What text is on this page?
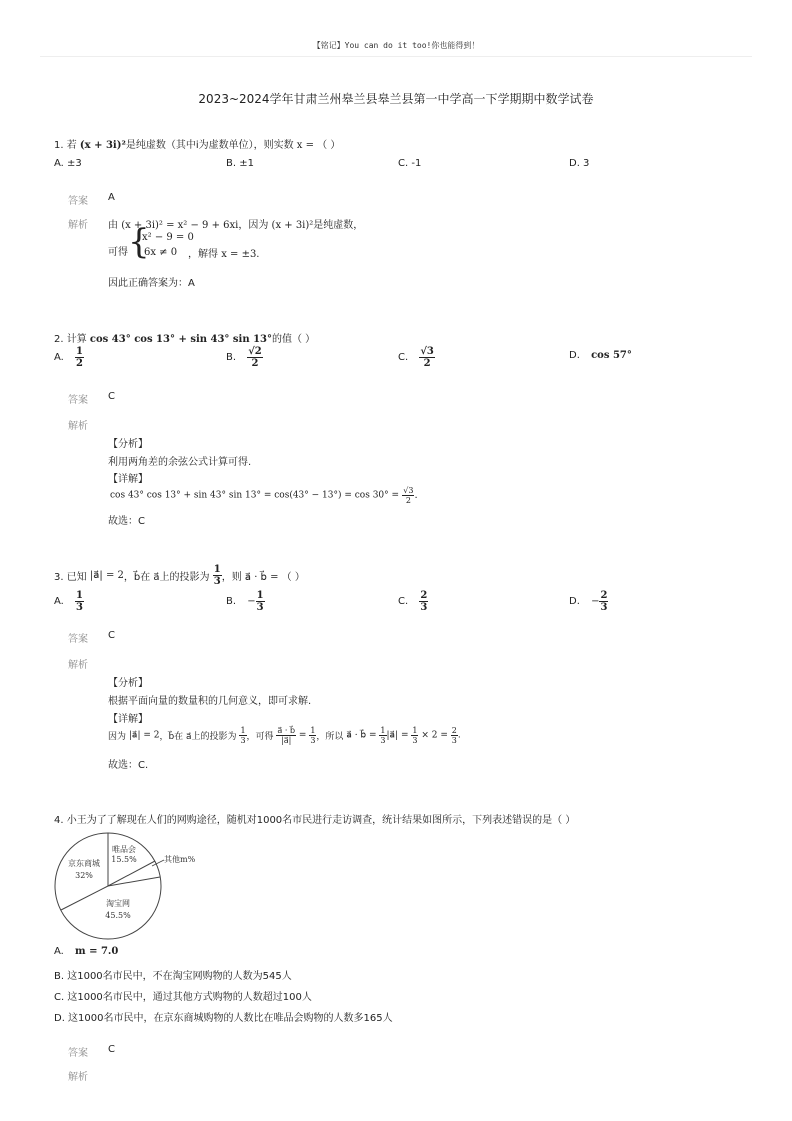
【铭记】You can do it too!你也能得到！
2023~2024学年甘肃兰州皋兰县皋兰县第一中学高一下学期期中数学试卷
1. 若 (x + 3i)²是纯虚数（其中i为虚数单位），则实数 x = （ ）
A. ±3	B. ±1	C. -1	D. 3
答案 A
解析 由 (x + 3i)² = x² − 9 + 6xi，因为 (x + 3i)²是纯虚数，
可得 {
x² − 9 = 0
6x ≠ 0 ，解得 x = ±3.
因此正确答案为：A
2. 计算 cos 43° cos 13° + sin 43° sin 13°的值（ ）
A. $\frac{1}{2}$	B. $\frac{√2}{2}$	C. $\frac{√3}{2}$	D. cos 57°
答案 C
解析
【分析】
利用两角差的余弦公式计算可得.
【详解】
cos 43° cos 13° + sin 43° $\sin 13^\circ = \cos(43^\circ - 13^\circ) = \cos 30^\circ = \frac{√3}{2}$ .
故选：C
3. 已知 |a⃗| = 2，b⃗在 a⃗上的投影为 $\frac{1}{3}$ ，则 a⃗ · b⃗ = （ ）
A. $\frac{1}{3}$	B. − $\frac{1}{3}$	C. $\frac{2}{3}$	D. − $\frac{2}{3}$
答案 C
解析
【分析】
根据平面向量的数量积的几何意义，即可求解.
【详解】
因为 |a⃗| = 2，b⃗在 a⃗上的投影为 $\frac{1}{3}$ ，可得 $\frac{a⃗ \cdot b⃗}{|a⃗|} = \frac{1}{3}$ ，所以 a⃗ · b⃗ = $\frac{1}{3}$ |a⃗| = $\frac{1}{3} \times 2 = \frac{2}{3}$ .
故选：C.
4. 小王为了了解现在人们的网购途径，随机对1000名市民进行走访调查，统计结果如图所示，下列表述错误的是（ ）
京东商城
32%
唯品会
15.5%	其他m%
淘宝网
45.5%
A. m = 7.0
B. 这1000名市民中，不在淘宝网购物的人数为545人
C. 这1000名市民中，通过其他方式购物的人数超过100人
D. 这1000名市民中，在京东商城购物的人数比在唯品会购物的人数多165人
答案 C
解析
